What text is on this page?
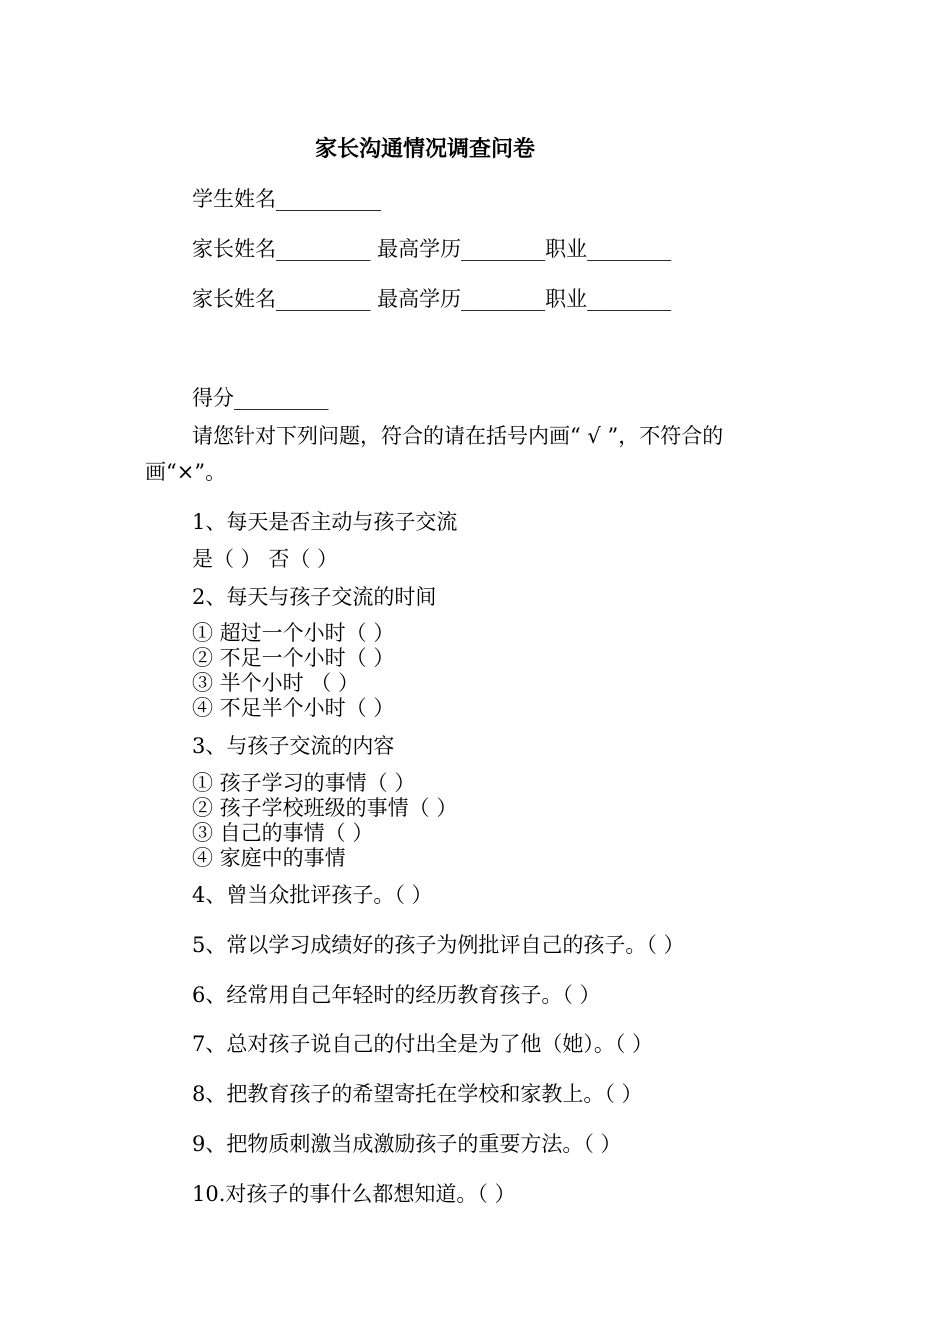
家长沟通情况调查问卷
学生姓名__________
家长姓名_________ 最高学历________职业________
家长姓名_________ 最高学历________职业________
得分_________
请您针对下列问题，符合的请在括号内画“ √ ”，不符合的
画“×”。
1、每天是否主动与孩子交流
是（ ） 否（ ）
2、每天与孩子交流的时间
① 超过一个小时（ ）
② 不足一个小时（ ）
③ 半个小时 （ ）
④ 不足半个小时（ ）
3、与孩子交流的内容
① 孩子学习的事情（ ）
② 孩子学校班级的事情（ ）
③ 自己的事情（ ）
④ 家庭中的事情
4、曾当众批评孩子。（ ）
5、常以学习成绩好的孩子为例批评自己的孩子。（ ）
6、经常用自己年轻时的经历教育孩子。（ ）
7、总对孩子说自己的付出全是为了他（她）。（ ）
8、把教育孩子的希望寄托在学校和家教上。（ ）
9、把物质刺激当成激励孩子的重要方法。（ ）
10.对孩子的事什么都想知道。（ ）
